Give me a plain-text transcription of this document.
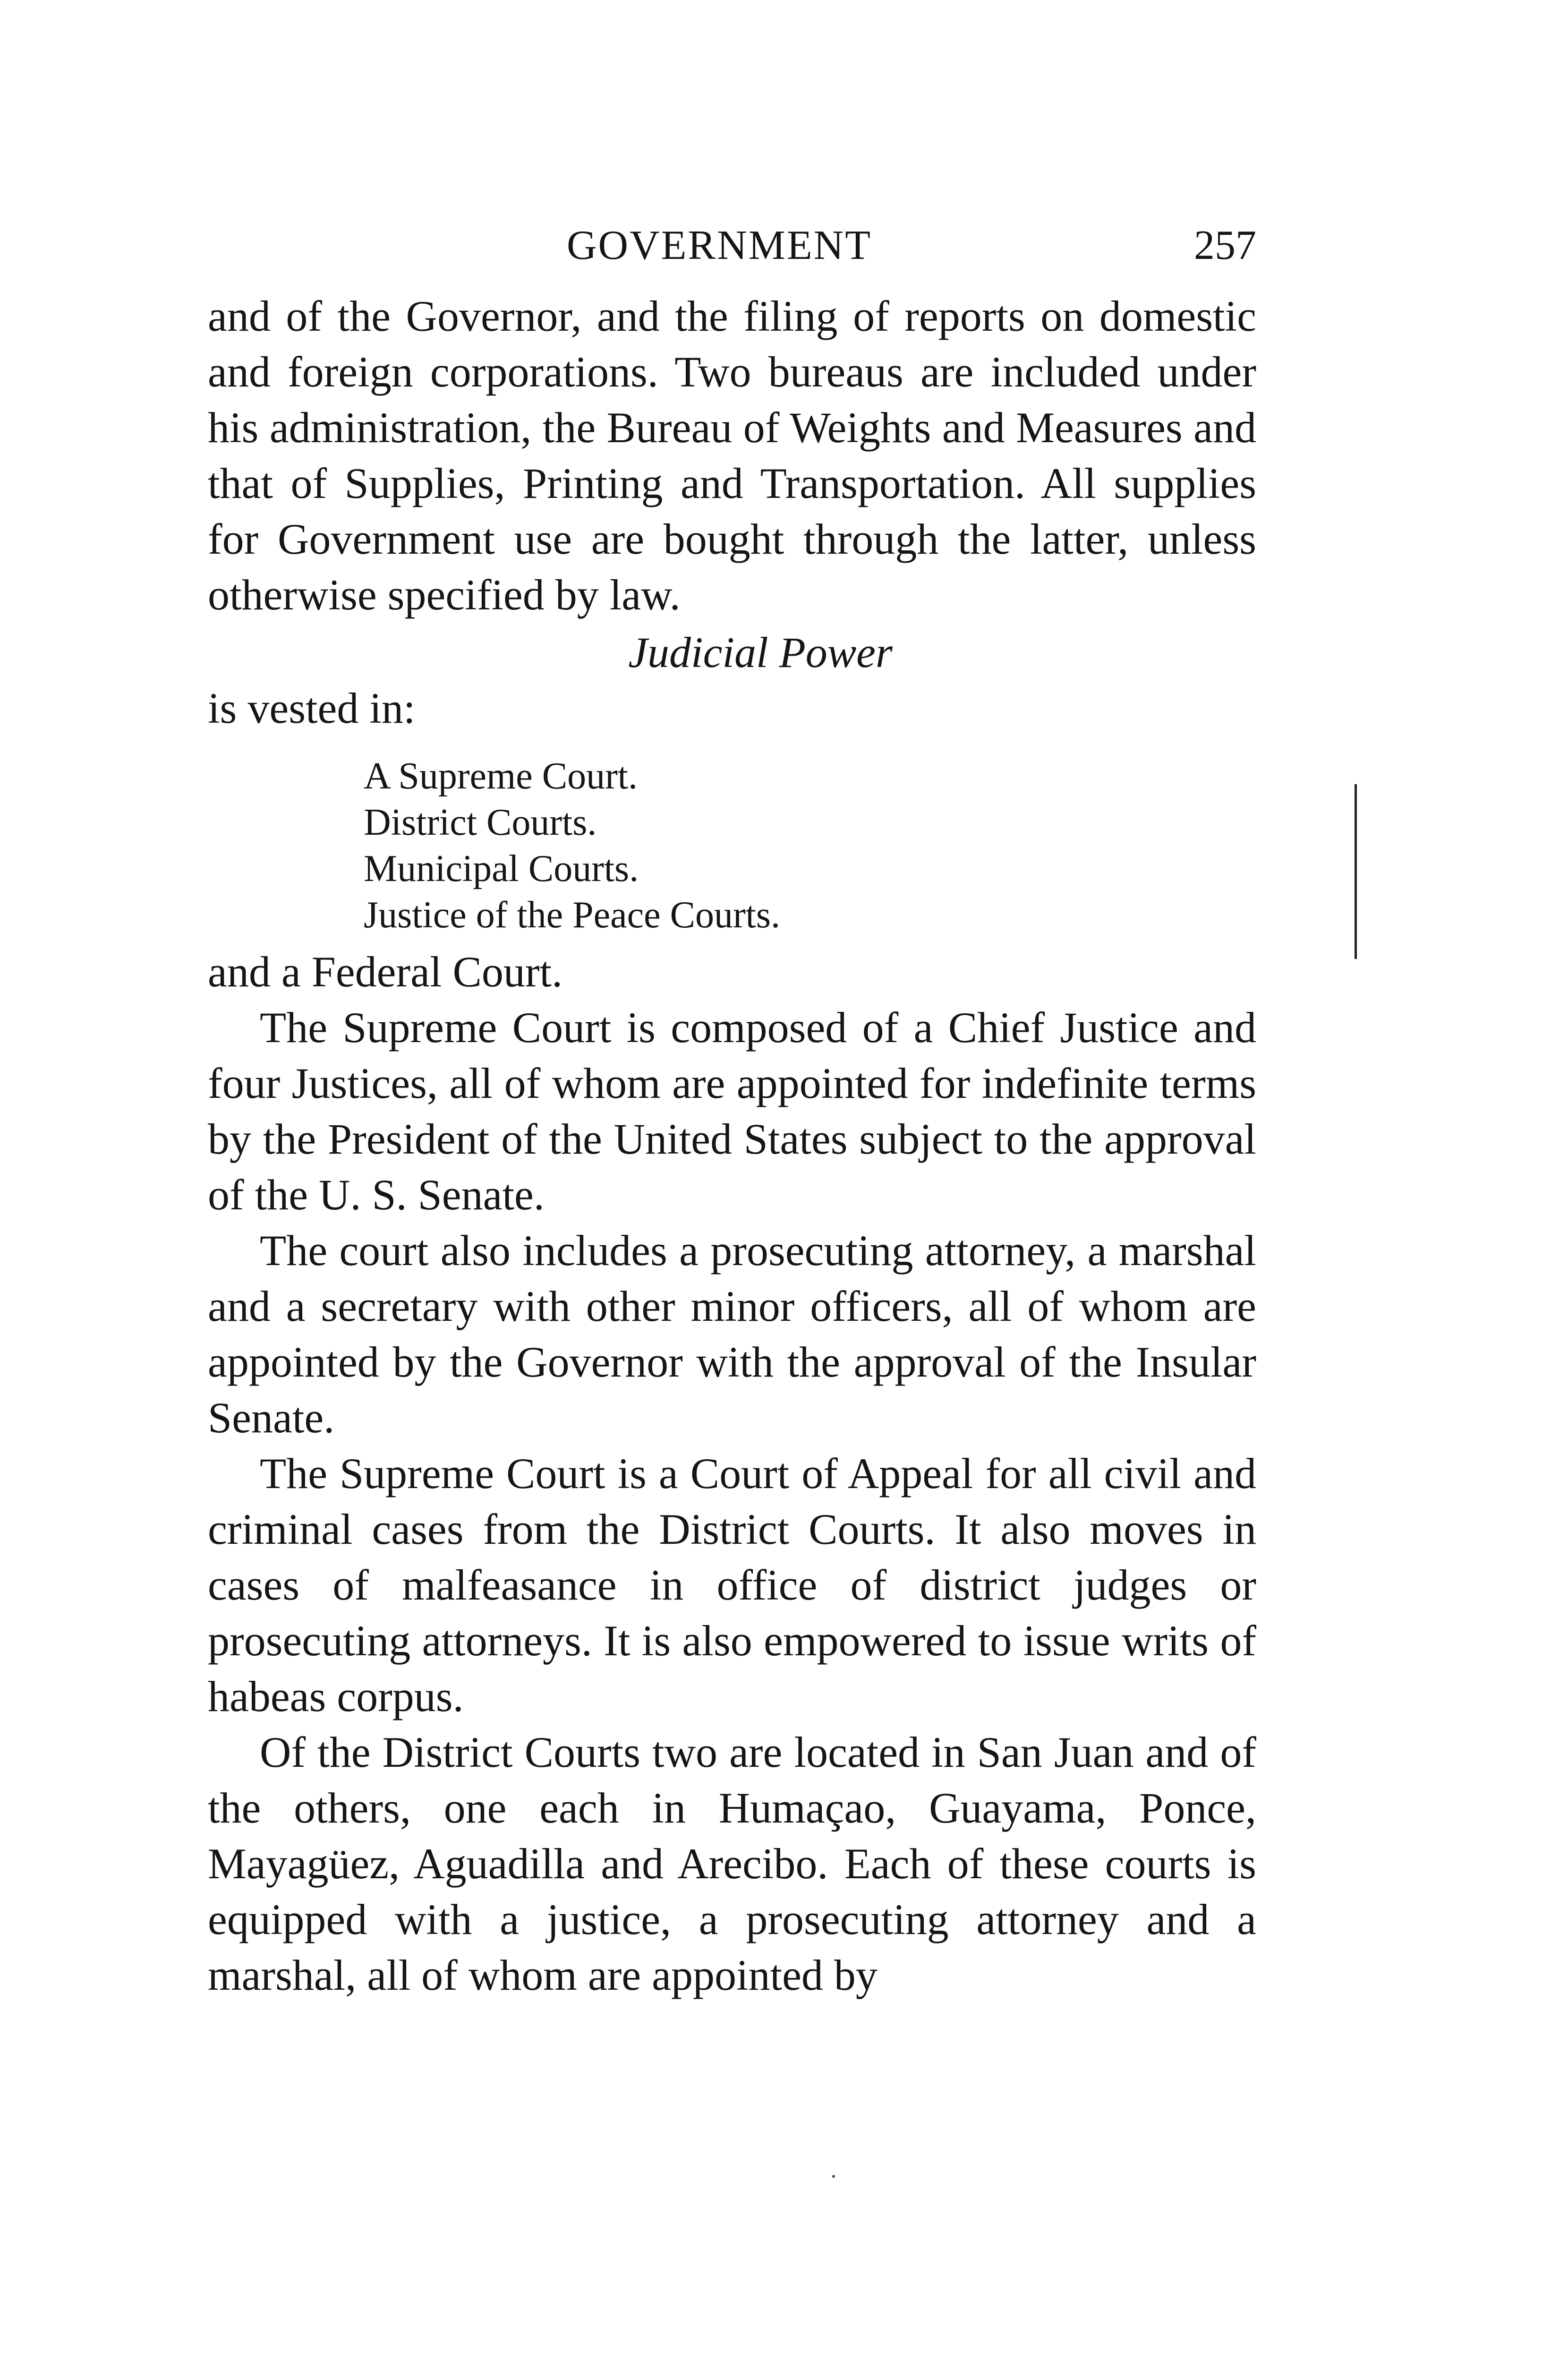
GOVERNMENT	257

and of the Governor, and the filing of reports on domestic and foreign corporations. Two bureaus are included under his administration, the Bureau of Weights and Measures and that of Supplies, Printing and Transportation. All supplies for Government use are bought through the latter, unless otherwise specified by law.

Judicial Power

is vested in:

A Supreme Court.
District Courts.
Municipal Courts.
Justice of the Peace Courts.

and a Federal Court.

The Supreme Court is composed of a Chief Justice and four Justices, all of whom are appointed for indefinite terms by the President of the United States subject to the approval of the U. S. Senate.

The court also includes a prosecuting attorney, a marshal and a secretary with other minor officers, all of whom are appointed by the Governor with the approval of the Insular Senate.

The Supreme Court is a Court of Appeal for all civil and criminal cases from the District Courts. It also moves in cases of malfeasance in office of district judges or prosecuting attorneys. It is also empowered to issue writs of habeas corpus.

Of the District Courts two are located in San Juan and of the others, one each in Humaçao, Guayama, Ponce, Mayagüez, Aguadilla and Arecibo. Each of these courts is equipped with a justice, a prosecuting attorney and a marshal, all of whom are appointed by
